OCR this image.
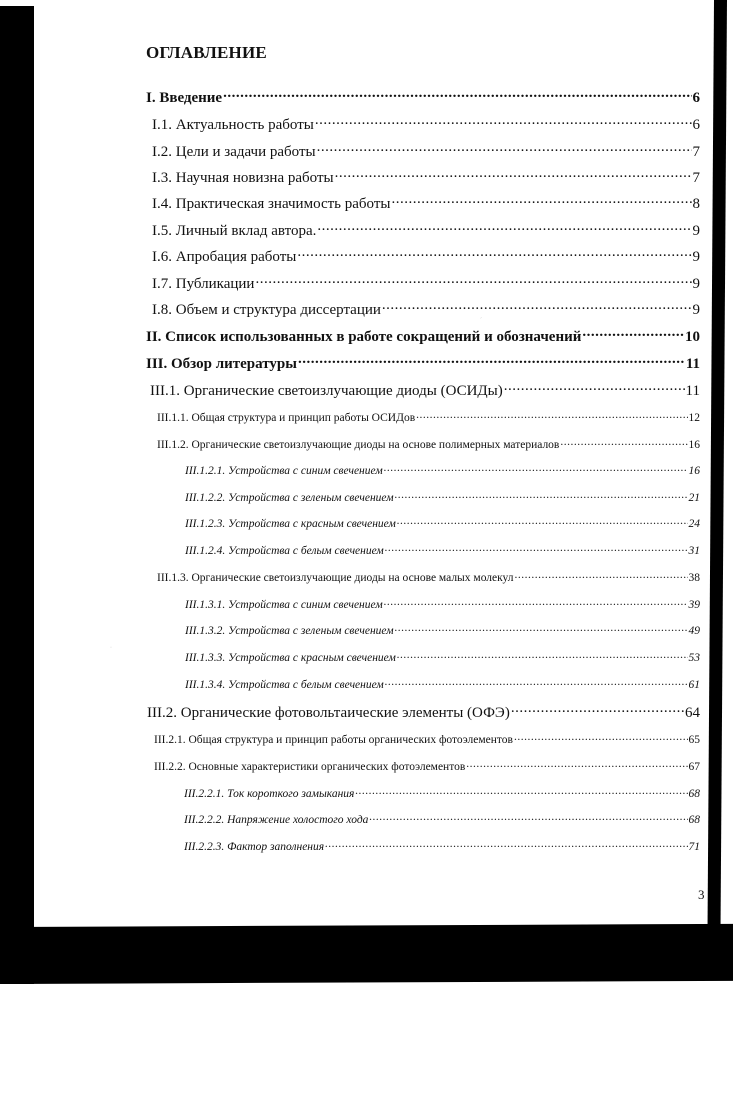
ОГЛАВЛЕНИЕ
I. Введение .....	6
I.1. Актуальность работы .....	6
I.2. Цели и задачи работы .....	7
I.3. Научная новизна работы .....	7
I.4. Практическая значимость работы .....	8
I.5. Личный вклад автора. .....	9
I.6. Апробация работы .....	9
I.7. Публикации .....	9
I.8. Объем и структура диссертации .....	9
II. Список использованных в работе сокращений и обозначений .....	10
III. Обзор литературы .....	11
III.1. Органические светоизлучающие диоды (ОСИДы) .....	11
III.1.1. Общая структура и принцип работы ОСИДов .....	12
III.1.2. Органические светоизлучающие диоды на основе полимерных материалов .....	16
III.1.2.1. Устройства с синим свечением .....	16
III.1.2.2. Устройства с зеленым свечением .....	21
III.1.2.3. Устройства с красным свечением .....	24
III.1.2.4. Устройства с белым свечением .....	31
III.1.3. Органические светоизлучающие диоды на основе малых молекул .....	38
III.1.3.1. Устройства с синим свечением .....	39
III.1.3.2. Устройства с зеленым свечением .....	49
III.1.3.3. Устройства с красным свечением .....	53
III.1.3.4. Устройства с белым свечением .....	61
III.2. Органические фотовольтаические элементы (ОФЭ) .....	64
III.2.1. Общая структура и принцип работы органических фотоэлементов .....	65
III.2.2. Основные характеристики органических фотоэлементов .....	67
III.2.2.1. Ток короткого замыкания .....	68
III.2.2.2. Напряжение холостого хода .....	68
III.2.2.3. Фактор заполнения .....	71

3

·
´
